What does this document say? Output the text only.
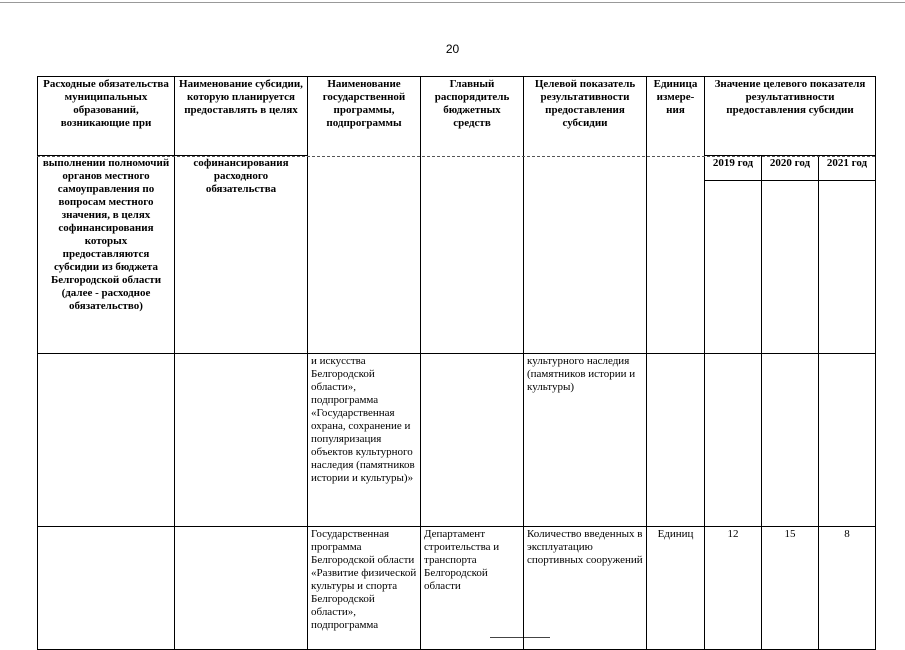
20
Расходные обязательства муниципальных образований, возникающие при	Наименование субсидии, которую планируется предоставлять в целях	Наименование государственной программы, подпрограммы	Главный распорядитель бюджетных средств	Целевой показатель результативности предоставления субсидии	Единица измере-ния	Значение целевого показателя результативности предоставления субсидии		
выполнении полномочий органов местного самоуправления по вопросам местного значения, в целях софинансирования которых предоставляются субсидии из бюджета Белгородской области (далее - расходное обязательство)	софинансирования расходного обязательства					2019 год	2020 год	2021 год

		и искусства Белгородской области», подпрограмма «Государственная охрана, сохранение и популяризация объектов культурного наследия (памятников истории и культуры)»		культурного наследия (памятников истории и культуры)				
		Государственная программа Белгородской области «Развитие физической культуры и спорта Белгородской области», подпрограмма	Департамент строительства и транспорта Белгородской области	Количество введенных в эксплуатацию спортивных сооружений	Единиц	12	15	8
